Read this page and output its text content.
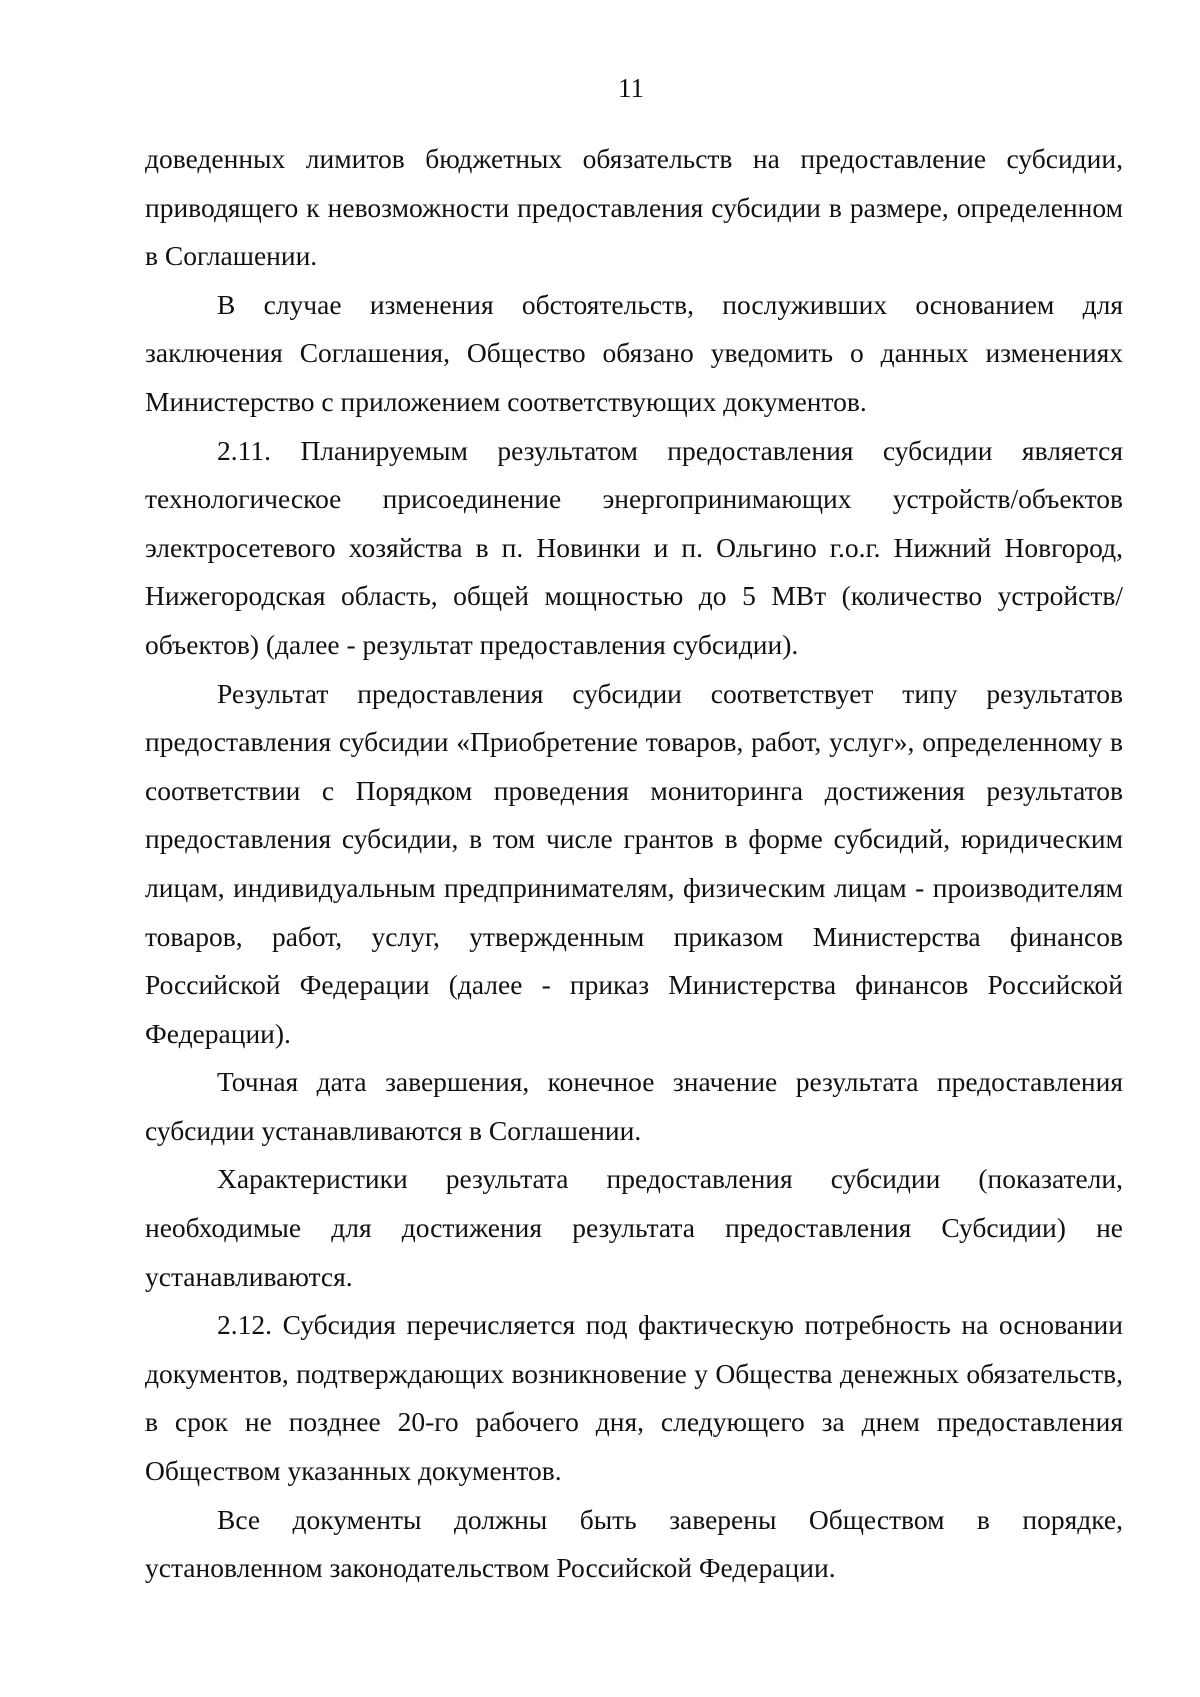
11

доведенных лимитов бюджетных обязательств на предоставление субсидии, приводящего к невозможности предоставления субсидии в размере, определенном в Соглашении.

В случае изменения обстоятельств, послуживших основанием для заключения Соглашения, Общество обязано уведомить о данных изменениях Министерство с приложением соответствующих документов.

2.11. Планируемым результатом предоставления субсидии является технологическое присоединение энергопринимающих устройств/объектов электросетевого хозяйства в п. Новинки и п. Ольгино г.о.г. Нижний Новгород, Нижегородская область, общей мощностью до 5 МВт (количество устройств/объектов) (далее - результат предоставления субсидии).

Результат предоставления субсидии соответствует типу результатов предоставления субсидии «Приобретение товаров, работ, услуг», определенному в соответствии с Порядком проведения мониторинга достижения результатов предоставления субсидии, в том числе грантов в форме субсидий, юридическим лицам, индивидуальным предпринимателям, физическим лицам - производителям товаров, работ, услуг, утвержденным приказом Министерства финансов Российской Федерации (далее - приказ Министерства финансов Российской Федерации).

Точная дата завершения, конечное значение результата предоставления субсидии устанавливаются в Соглашении.

Характеристики результата предоставления субсидии (показатели, необходимые для достижения результата предоставления Субсидии) не устанавливаются.

2.12. Субсидия перечисляется под фактическую потребность на основании документов, подтверждающих возникновение у Общества денежных обязательств, в срок не позднее 20-го рабочего дня, следующего за днем предоставления Обществом указанных документов.

Все документы должны быть заверены Обществом в порядке, установленном законодательством Российской Федерации.
